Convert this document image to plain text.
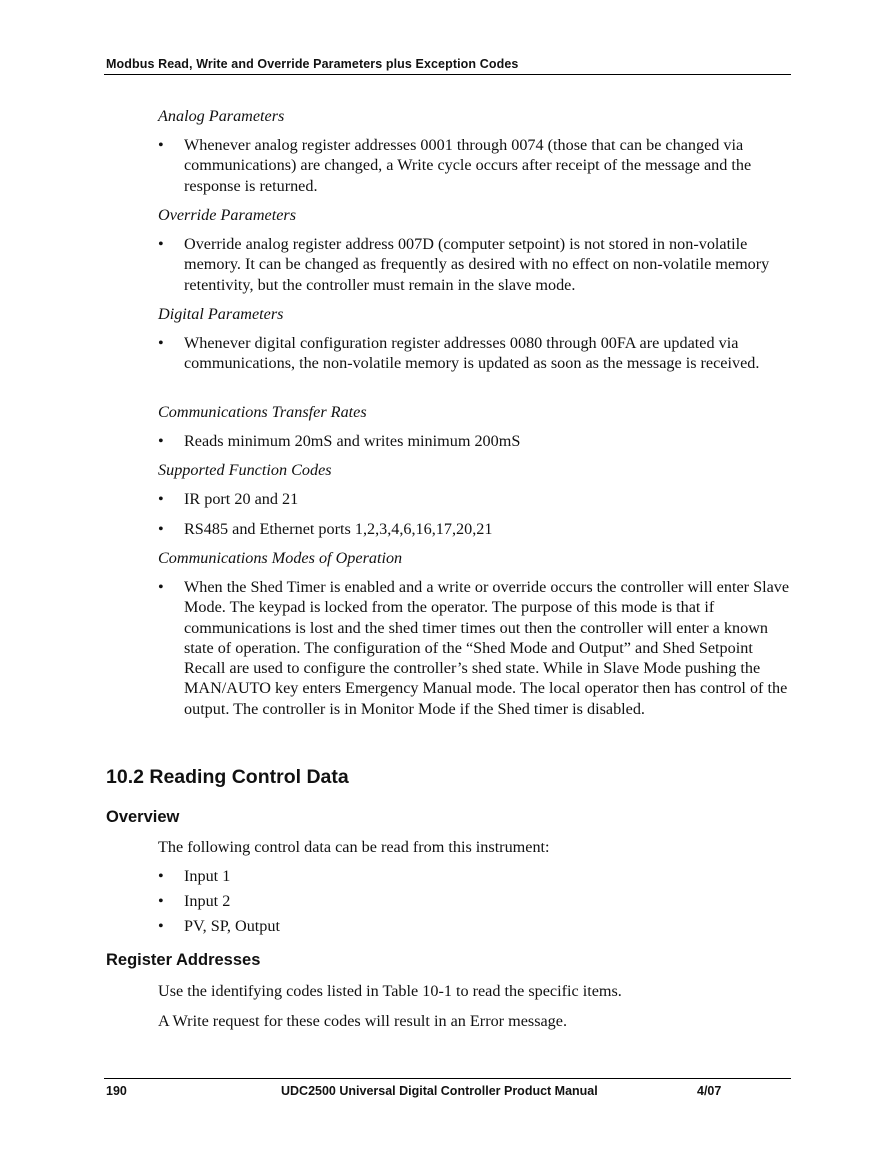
Modbus Read, Write and Override Parameters plus Exception Codes
Analog Parameters
• Whenever analog register addresses 0001 through 0074 (those that can be changed via communications) are changed, a Write cycle occurs after receipt of the message and the response is returned.
Override Parameters
• Override analog register address 007D (computer setpoint) is not stored in non-volatile memory. It can be changed as frequently as desired with no effect on non-volatile memory retentivity, but the controller must remain in the slave mode.
Digital Parameters
• Whenever digital configuration register addresses 0080 through 00FA are updated via communications, the non-volatile memory is updated as soon as the message is received.
Communications Transfer Rates
• Reads minimum 20mS and writes minimum 200mS
Supported Function Codes
• IR port 20 and 21
• RS485 and Ethernet ports 1,2,3,4,6,16,17,20,21
Communications Modes of Operation
• When the Shed Timer is enabled and a write or override occurs the controller will enter Slave Mode. The keypad is locked from the operator. The purpose of this mode is that if communications is lost and the shed timer times out then the controller will enter a known state of operation. The configuration of the “Shed Mode and Output” and Shed Setpoint Recall are used to configure the controller’s shed state. While in Slave Mode pushing the MAN/AUTO key enters Emergency Manual mode. The local operator then has control of the output. The controller is in Monitor Mode if the Shed timer is disabled.
10.2 Reading Control Data
Overview
The following control data can be read from this instrument:
• Input 1
• Input 2
• PV, SP, Output
Register Addresses
Use the identifying codes listed in Table 10-1 to read the specific items.
A Write request for these codes will result in an Error message.
190	UDC2500 Universal Digital Controller Product Manual	4/07
